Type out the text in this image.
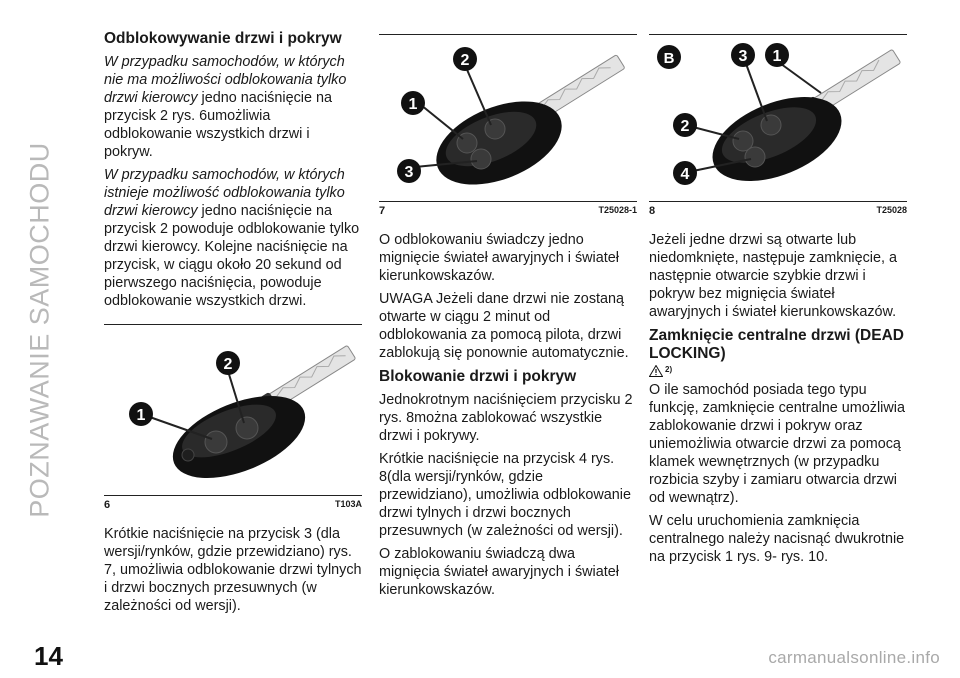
POZNAWANIE SAMOCHODU
14	carmanualsonline.info
Odblokowywanie drzwi i pokryw

W przypadku samochodów, w których nie ma możliwości odblokowania tylko drzwi kierowcy jedno naciśnięcie na przycisk 2 rys. 6umożliwia odblokowanie wszystkich drzwi i pokryw.

W przypadku samochodów, w których istnieje możliwość odblokowania tylko drzwi kierowcy jedno naciśnięcie na przycisk 2 powoduje odblokowanie tylko drzwi kierowcy. Kolejne naciśnięcie na przycisk, w ciągu około 20 sekund od pierwszego naciśnięcia, powoduje odblokowanie wszystkich drzwi.

1
2
6	T103A

Krótkie naciśnięcie na przycisk 3 (dla wersji/rynków, gdzie przewidziano) rys. 7, umożliwia odblokowanie drzwi tylnych i drzwi bocznych przesuwnych (w zależności od wersji).

2
1
3
7	T25028-1

O odblokowaniu świadczy jedno mignięcie świateł awaryjnych i świateł kierunkowskazów.

UWAGA Jeżeli dane drzwi nie zostaną otwarte w ciągu 2 minut od odblokowania za pomocą pilota, drzwi zablokują się ponownie automatycznie.

Blokowanie drzwi i pokryw

Jednokrotnym naciśnięciem przycisku 2 rys. 8można zablokować wszystkie drzwi i pokrywy.

Krótkie naciśnięcie na przycisk 4 rys. 8(dla wersji/rynków, gdzie przewidziano), umożliwia odblokowanie drzwi tylnych i drzwi bocznych przesuwnych (w zależności od wersji).

O zablokowaniu świadczą dwa mignięcia świateł awaryjnych i świateł kierunkowskazów.

B	3 1
2
4
8	T25028

Jeżeli jedne drzwi są otwarte lub niedomknięte, następuje zamknięcie, a następnie otwarcie szybkie drzwi i pokryw bez mignięcia świateł awaryjnych i świateł kierunkowskazów.

Zamknięcie centralne drzwi (DEAD LOCKING)
2)

O ile samochód posiada tego typu funkcję, zamknięcie centralne umożliwia zablokowanie drzwi i pokryw oraz uniemożliwia otwarcie drzwi za pomocą klamek wewnętrznych (w przypadku rozbicia szyby i zamiaru otwarcia drzwi od wewnątrz).

W celu uruchomienia zamknięcia centralnego należy nacisnąć dwukrotnie na przycisk 1 rys. 9- rys. 10.
